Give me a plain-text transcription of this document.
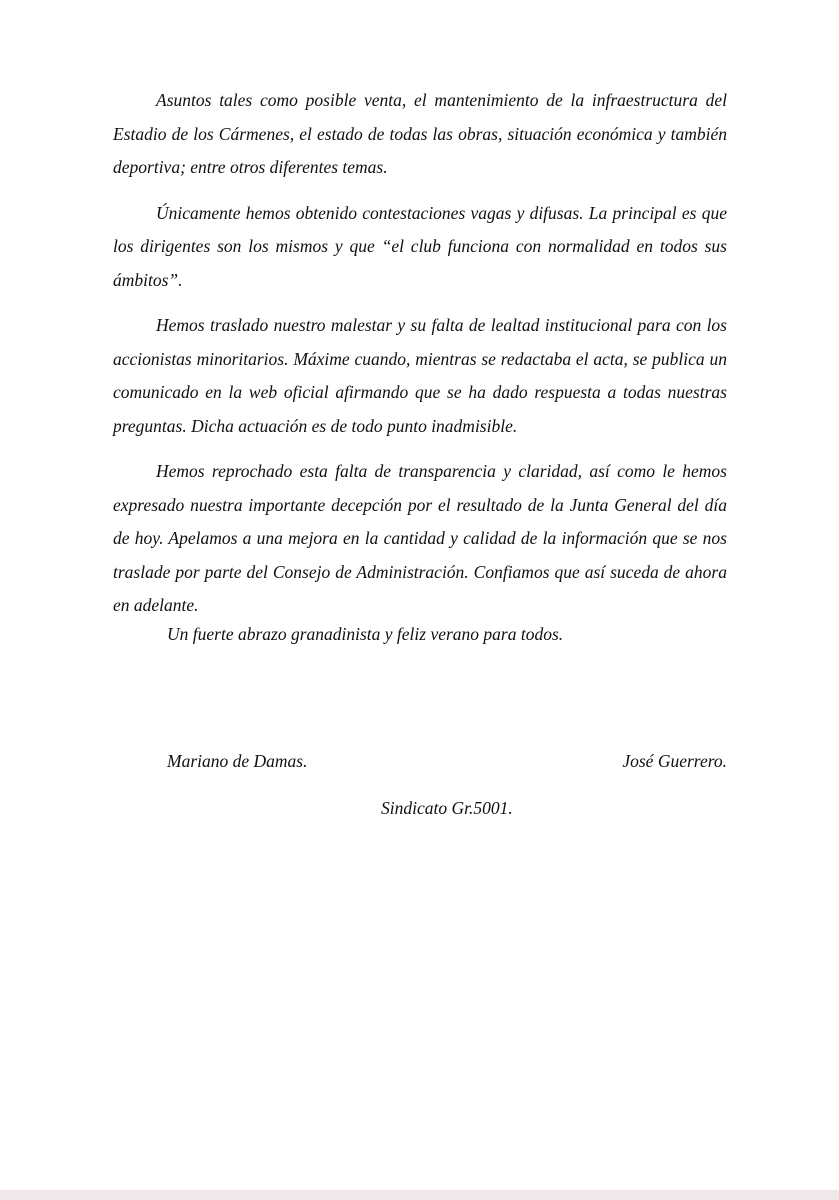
Asuntos tales como posible venta, el mantenimiento de la infraestructura del Estadio de los Cármenes, el estado de todas las obras, situación económica y también deportiva; entre otros diferentes temas.

Únicamente hemos obtenido contestaciones vagas y difusas. La principal es que los dirigentes son los mismos y que “el club funciona con normalidad en todos sus ámbitos”.

Hemos traslado nuestro malestar y su falta de lealtad institucional para con los accionistas minoritarios. Máxime cuando, mientras se redactaba el acta, se publica un comunicado en la web oficial afirmando que se ha dado respuesta a todas nuestras preguntas. Dicha actuación es de todo punto inadmisible.

Hemos reprochado esta falta de transparencia y claridad, así como le hemos expresado nuestra importante decepción por el resultado de la Junta General del día de hoy. Apelamos a una mejora en la cantidad y calidad de la información que se nos traslade por parte del Consejo de Administración. Confiamos que así suceda de ahora en adelante.

Un fuerte abrazo granadinista y feliz verano para todos.
Mariano de Damas.	José Guerrero.
Sindicato Gr.5001.
